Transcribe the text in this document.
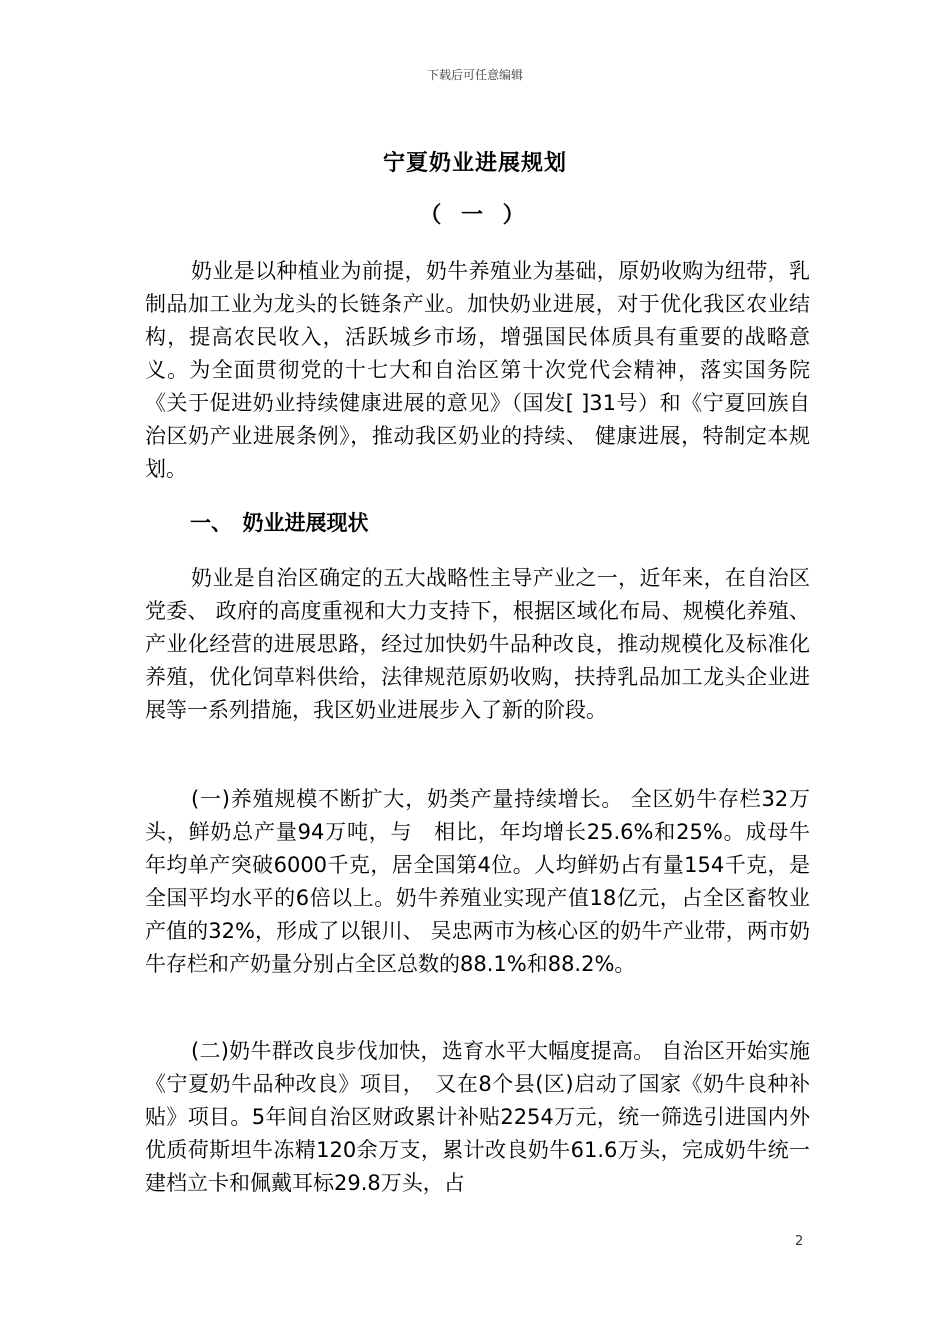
下载后可任意编辑
宁夏奶业进展规划
（ 一 ）

奶业是以种植业为前提，奶牛养殖业为基础，原奶收购为纽带，乳制品加工业为龙头的长链条产业。加快奶业进展，对于优化我区农业结构，提高农民收入，活跃城乡市场，增强国民体质具有重要的战略意义。为全面贯彻党的十七大和自治区第十次党代会精神，落实国务院《关于促进奶业持续健康进展的意见》（国发[ ]31号）和《宁夏回族自治区奶产业进展条例》，推动我区奶业的持续、 健康进展，特制定本规划。

一、　奶业进展现状

奶业是自治区确定的五大战略性主导产业之一，近年来，在自治区党委、 政府的高度重视和大力支持下，根据区域化布局、规模化养殖、 产业化经营的进展思路，经过加快奶牛品种改良，推动规模化及标准化养殖，优化饲草料供给，法律规范原奶收购，扶持乳品加工龙头企业进展等一系列措施，我区奶业进展步入了新的阶段。

(一)养殖规模不断扩大，奶类产量持续增长。 全区奶牛存栏32万头，鲜奶总产量94万吨，与　相比，年均增长25.6%和25%。成母牛年均单产突破6000千克，居全国第4位。人均鲜奶占有量154千克，是全国平均水平的6倍以上。奶牛养殖业实现产值18亿元，占全区畜牧业产值的32%，形成了以银川、 吴忠两市为核心区的奶牛产业带，两市奶牛存栏和产奶量分别占全区总数的88.1%和88.2%。

(二)奶牛群改良步伐加快，选育水平大幅度提高。 自治区开始实施《宁夏奶牛品种改良》项目，　又在8个县(区)启动了国家《奶牛良种补贴》项目。5年间自治区财政累计补贴2254万元，统一筛选引进国内外优质荷斯坦牛冻精120余万支，累计改良奶牛61.6万头，完成奶牛统一建档立卡和佩戴耳标29.8万头，占

2
